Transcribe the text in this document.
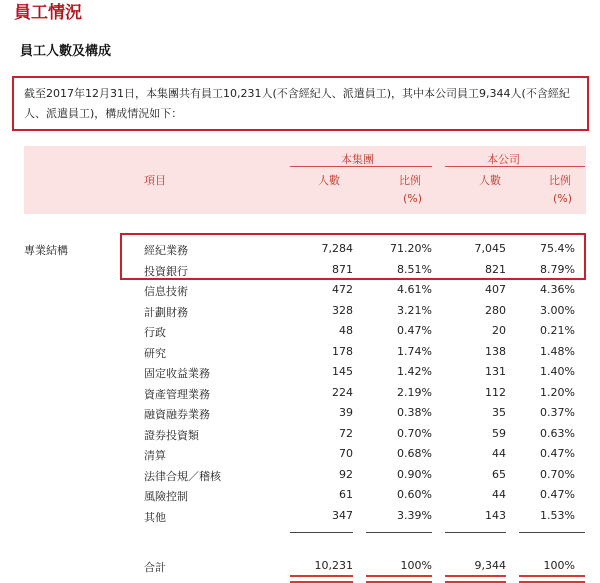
員工情況
員工人數及構成
截至2017年12月31日，本集團共有員工10,231人(不含經紀人、派遣員工)，其中本公司員工9,344人(不含經紀人、派遣員工)，構成情況如下：
項目
本集團	本公司
人數	比例
(%)
人數	比例
(%)
專業結構	經紀業務	7,284	71.20%	7,045	75.4%
投資銀行	871	8.51%	821	8.79%
信息技術	472	4.61%	407	4.36%
計劃財務	328	3.21%	280	3.00%
行政	48	0.47%	20	0.21%
研究	178	1.74%	138	1.48%
固定收益業務	145	1.42%	131	1.40%
資產管理業務	224	2.19%	112	1.20%
融資融券業務	39	0.38%	35	0.37%
證券投資類	72	0.70%	59	0.63%
清算	70	0.68%	44	0.47%
法律合規／稽核	92	0.90%	65	0.70%
風險控制	61	0.60%	44	0.47%
其他	347	3.39%	143	1.53%
合計	10,231	100%	9,344	100%
